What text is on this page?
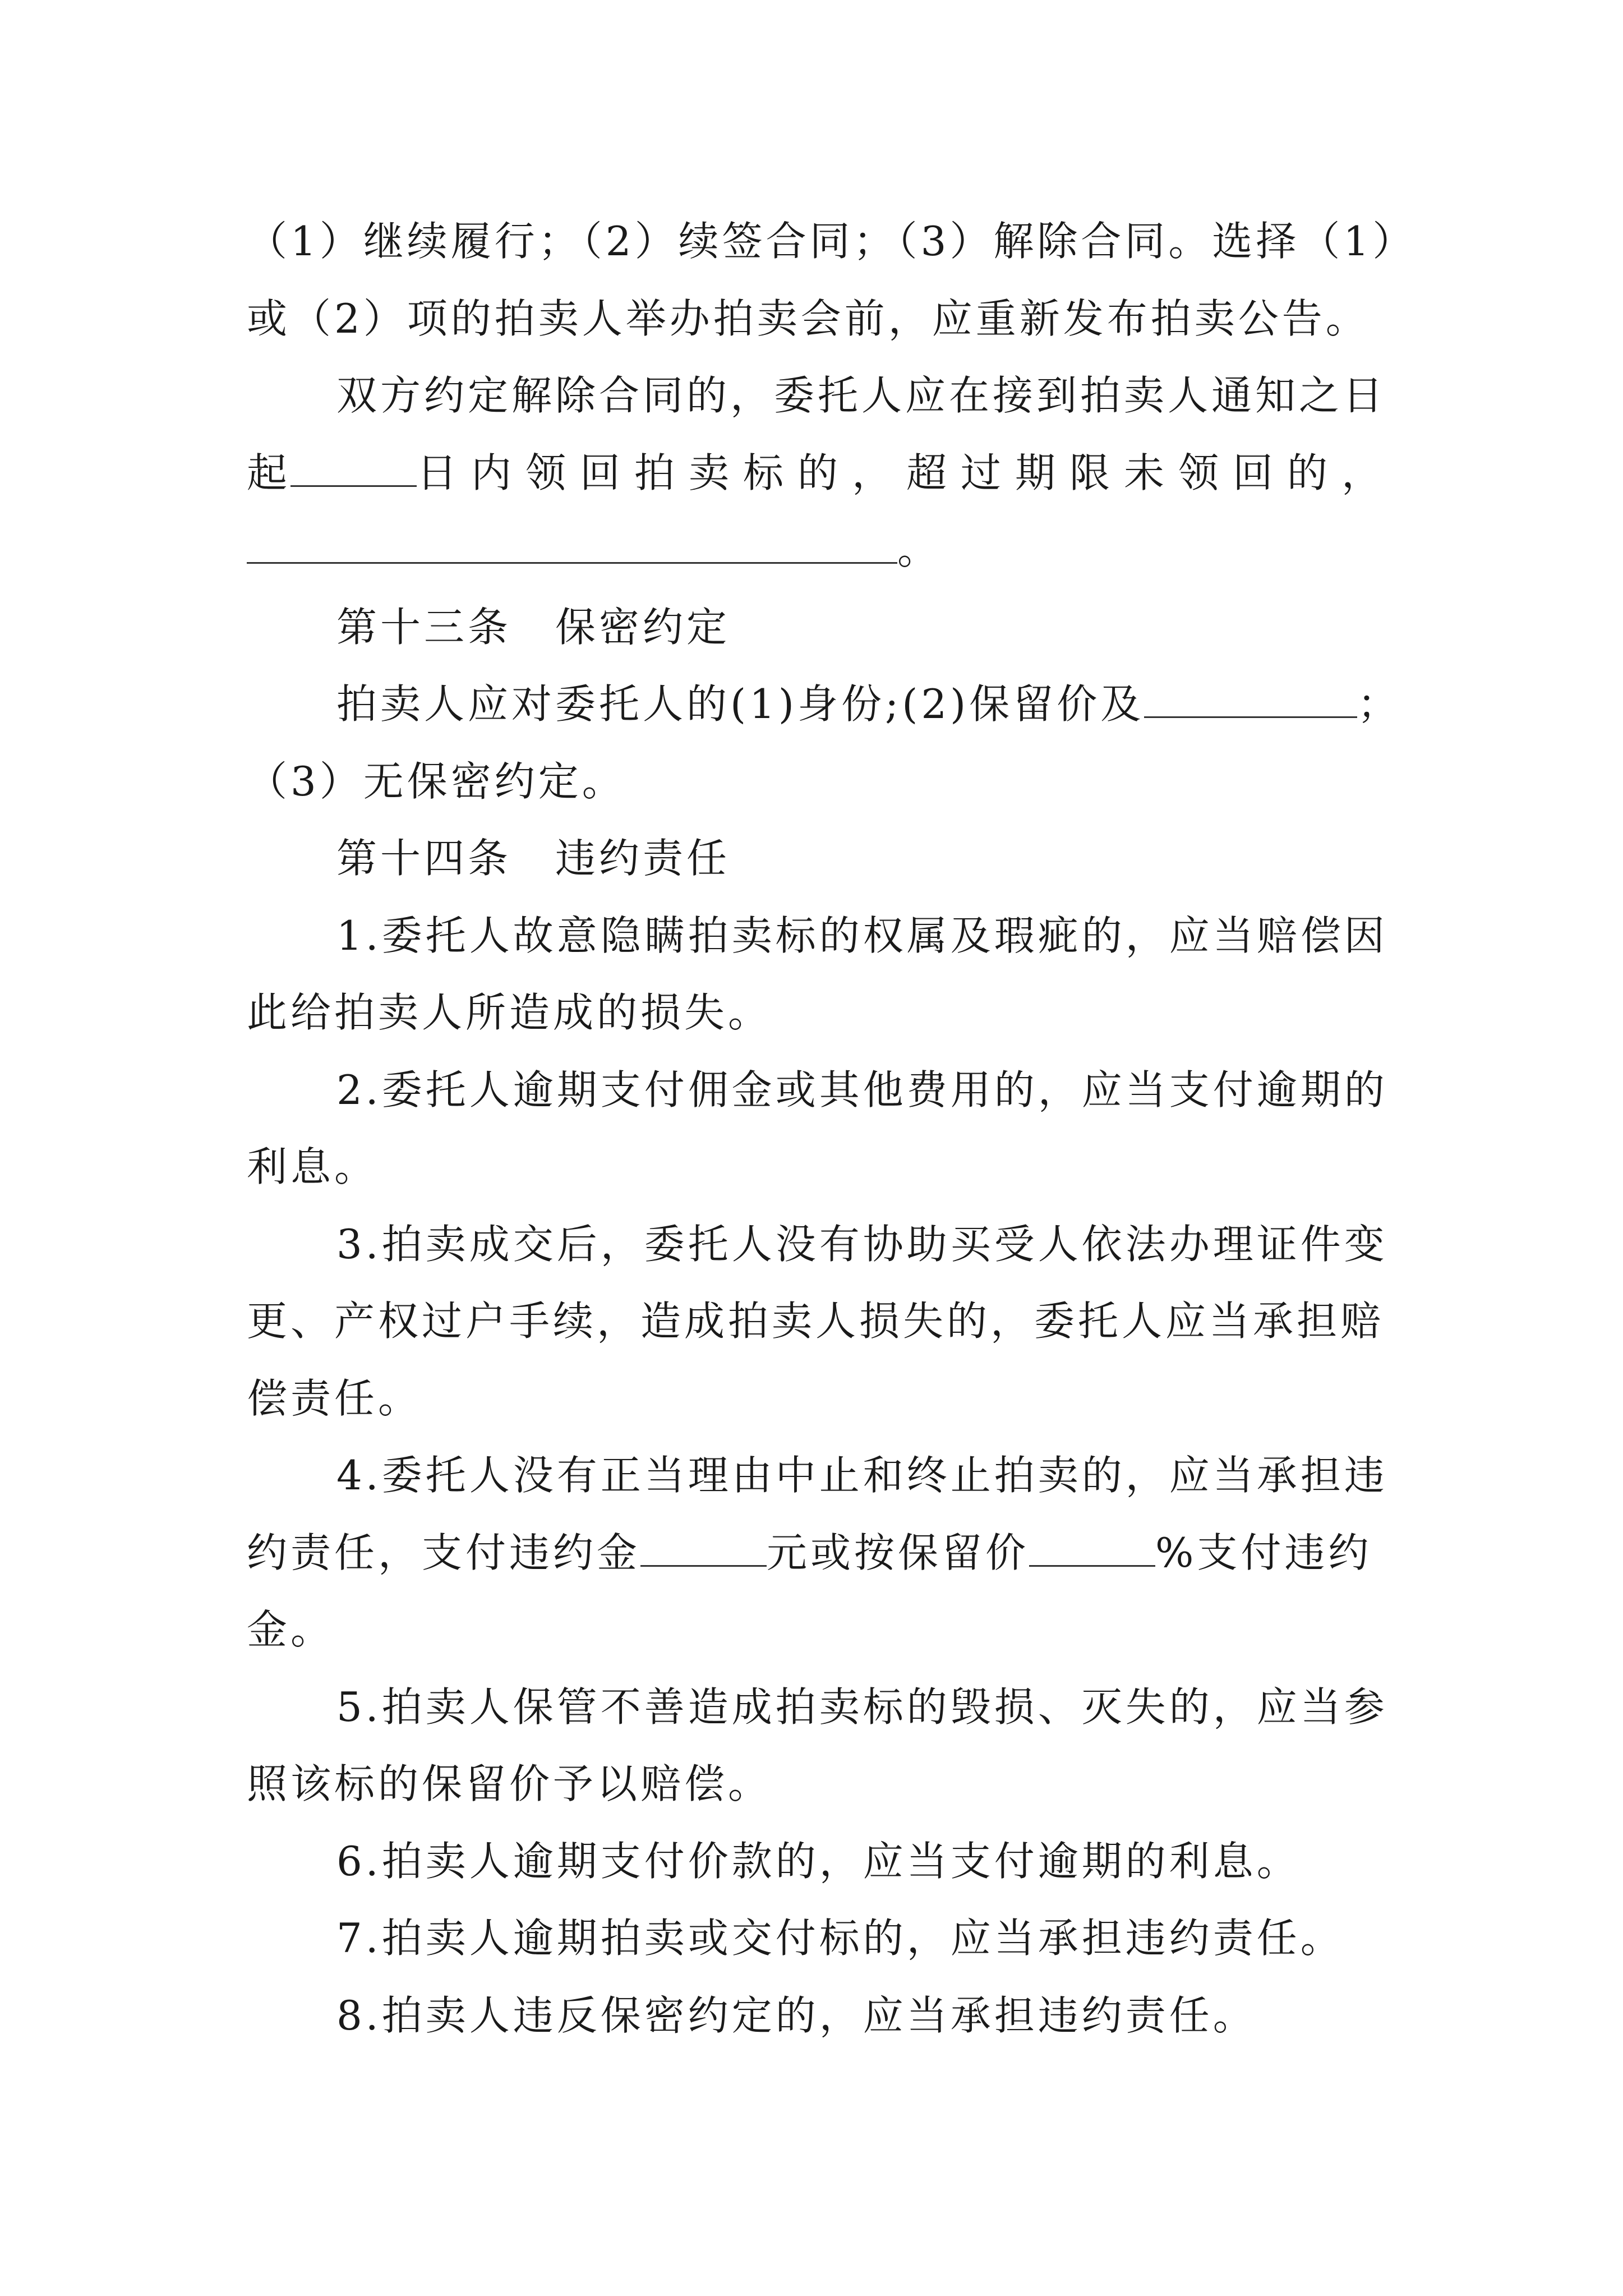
（1）继续履行；（2）续签合同；（3）解除合同。选择（1）
或（2）项的拍卖人举办拍卖会前，应重新发布拍卖公告。
双方约定解除合同的，委托人应在接到拍卖人通知之日
起	日内领回拍卖标的，超过期限未领回的，
。
第十三条　保密约定
拍卖人应对委托人的(1)身份;(2)保留价及	；
（3）无保密约定。
第十四条　违约责任
1.委托人故意隐瞒拍卖标的权属及瑕疵的，应当赔偿因
此给拍卖人所造成的损失。
2.委托人逾期支付佣金或其他费用的，应当支付逾期的
利息。
3.拍卖成交后，委托人没有协助买受人依法办理证件变
更、产权过户手续，造成拍卖人损失的，委托人应当承担赔
偿责任。
4.委托人没有正当理由中止和终止拍卖的，应当承担违
约责任，支付违约金	元或按保留价	%支付违约
金。
5.拍卖人保管不善造成拍卖标的毁损、灭失的，应当参
照该标的保留价予以赔偿。
6.拍卖人逾期支付价款的，应当支付逾期的利息。
7.拍卖人逾期拍卖或交付标的，应当承担违约责任。
8.拍卖人违反保密约定的，应当承担违约责任。
